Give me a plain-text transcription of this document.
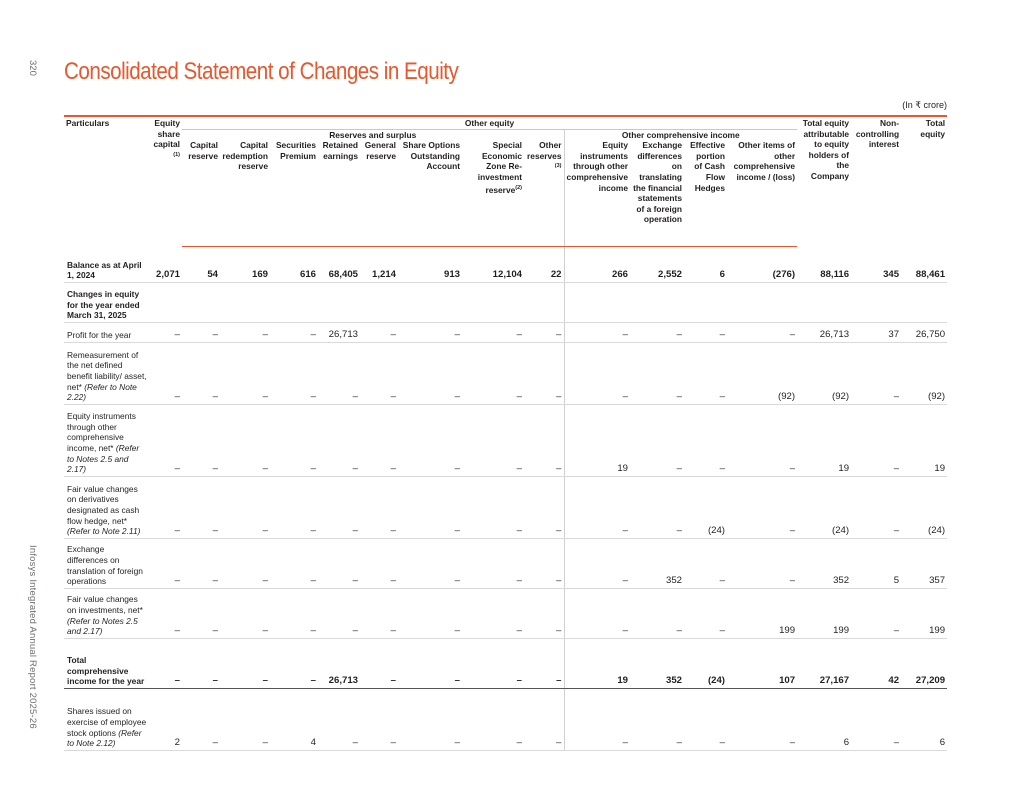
320
Infosys Integrated Annual Report 2025-26
Consolidated Statement of Changes in Equity
(In ₹ crore)
Particulars	Equity share capital $^{(1)}$	Other equity												Total equity attributable to equity holders of the Company	Non-controlling interest	Total equity
		Reserves and surplus								Other comprehensive income						
		Capital reserve	Capital redemption reserve	Securities Premium	Retained earnings	General reserve	Share Options Outstanding Account	Special Economic Zone Re-investment reserve$^{(2)}$	Other reserves $^{(3)}$	Equity instruments through other comprehensive income	Exchange differences on translating the financial statements of a foreign operation	Effective portion of Cash Flow Hedges	Other items of other comprehensive income / (loss)			
Balance as at April 1, 2024	2,071	54	169	616	68,405	1,214	913	12,104	22	266	2,552	6	(276)	88,116	345	88,461
Changes in equity for the year ended March 31, 2025																
Profit for the year	–	–	–	–	26,713	–	–	–	–	–	–	–	–	26,713	37	26,750
Remeasurement of the net defined benefit liability/ asset, net* (Refer to Note 2.22)	–	–	–	–	–	–	–	–	–	–	–	–	(92)	(92)	–	(92)
Equity instruments through other comprehensive income, net* (Refer to Notes 2.5 and 2.17)	–	–	–	–	–	–	–	–	–	19	–	–	–	19	–	19
Fair value changes on derivatives designated as cash flow hedge, net* (Refer to Note 2.11)	–	–	–	–	–	–	–	–	–	–	–	(24)	–	(24)	–	(24)
Exchange differences on translation of foreign operations	–	–	–	–	–	–	–	–	–	–	352	–	–	352	5	357
Fair value changes on investments, net* (Refer to Notes 2.5 and 2.17)	–	–	–	–	–	–	–	–	–	–	–	–	199	199	–	199
Total comprehensive income for the year	–	–	–	–	26,713	–	–	–	–	19	352	(24)	107	27,167	42	27,209
Shares issued on exercise of employee stock options (Refer to Note 2.12)	2	–	–	4	–	–	–	–	–	–	–	–	–	6	–	6
